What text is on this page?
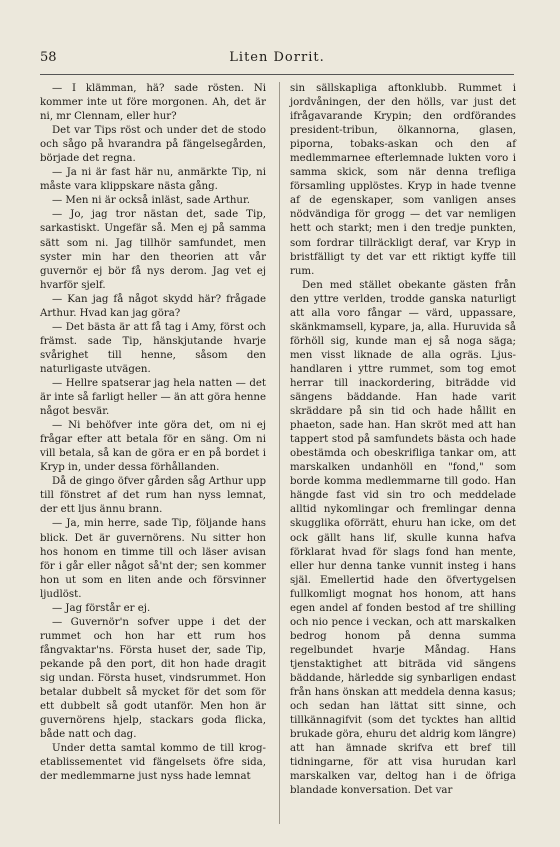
58	Liten Dorrit.

— I klämman, hä? sade rösten. Ni kommer inte ut före morgonen. Ah, det är ni, mr Clennam, eller hur?

Det var Tips röst och under det de stodo och sågo på hvarandra på fängelsegården, började det regna.

— Ja ni är fast här nu, anmärkte Tip, ni måste vara klippskare nästa gång.

— Men ni är också inläst, sade Arthur.

— Jo, jag tror nästan det, sade Tip, sarkastiskt. Ungefär så. Men ej på samma sätt som ni. Jag tillhör samfundet, men syster min har den theorien att vår guvernör ej bör få nys derom. Jag vet ej hvarför sjelf.

— Kan jag få något skydd här? frågade Arthur. Hvad kan jag göra?

— Det bästa är att få tag i Amy, först och främst. sade Tip, hänskjutande hvarje svårighet till henne, såsom den naturligaste utvägen.

— Hellre spatserar jag hela natten — det är inte så farligt heller — än att göra henne något besvär.

— Ni behöfver inte göra det, om ni ej frågar efter att betala för en säng. Om ni vill betala, så kan de göra er en på bordet i Kryp in, under dessa förhållanden.

Då de gingo öfver gården såg Arthur upp till fönstret af det rum han nyss lemnat, der ett ljus ännu brann.

— Ja, min herre, sade Tip, följande hans blick. Det är guvernörens. Nu sitter hon hos honom en timme till och läser avisan för i går eller något så'nt der; sen kommer hon ut som en liten ande och försvinner ljudlöst.

— Jag förstår er ej.

— Guvernör'n sofver uppe i det der rummet och hon har ett rum hos fångvaktar'ns. Första huset der, sade Tip, pekande på den port, dit hon hade dragit sig undan. Första huset, vindsrummet. Hon betalar dubbelt så mycket för det som för ett dubbelt så godt utanför. Men hon är guvernörens hjelp, stackars goda flicka, både natt och dag.

Under detta samtal kommo de till krog-etablissementet vid fängelsets öfre sida, der medlemmarne just nyss hade lemnat

sin sällskapliga aftonklubb. Rummet i jordvåningen, der den hölls, var just det ifrågavarande Krypin; den ordförandes president-tribun, ölkannorna, glasen, piporna, tobaks-askan och den af medlemmarnee efterlemnade lukten voro i samma skick, som när denna trefliga församling upplöstes. Kryp in hade tvenne af de egenskaper, som vanligen anses nödvändiga för grogg — det var nemligen hett och starkt; men i den tredje punkten, som fordrar tillräckligt deraf, var Kryp in bristfälligt ty det var ett riktigt kyffe till rum.

Den med stället obekante gästen från den yttre verlden, trodde ganska naturligt att alla voro fångar — värd, uppassare, skänkmamsell, kypare, ja, alla. Huruvida så förhöll sig, kunde man ej så noga säga; men visst liknade de alla ogräs. Ljus-handlaren i yttre rummet, som tog emot herrar till inackordering, biträdde vid sängens bäddande. Han hade varit skräddare på sin tid och hade hållit en phaeton, sade han. Han skröt med att han tappert stod på samfundets bästa och hade obestämda och obeskrifliga tankar om, att marskalken undanhöll en "fond," som borde komma medlemmarne till godo. Han hängde fast vid sin tro och meddelade alltid nykomlingar och fremlingar denna skugglika oförrätt, ehuru han icke, om det ock gällt hans lif, skulle kunna hafva förklarat hvad för slags fond han mente, eller hur denna tanke vunnit insteg i hans själ. Emellertid hade den öfvertygelsen fullkomligt mognat hos honom, att hans egen andel af fonden bestod af tre shilling och nio pence i veckan, och att marskalken bedrog honom på denna summa regelbundet hvarje Måndag. Hans tjenstaktighet att biträda vid sängens bäddande, härledde sig synbarligen endast från hans önskan att meddela denna kasus; och sedan han lättat sitt sinne, och tillkännagifvit (som det tycktes han alltid brukade göra, ehuru det aldrig kom längre) att han ämnade skrifva ett bref till tidningarne, för att visa hurudan karl marskalken var, deltog han i de öfriga blandade konversation. Det var
